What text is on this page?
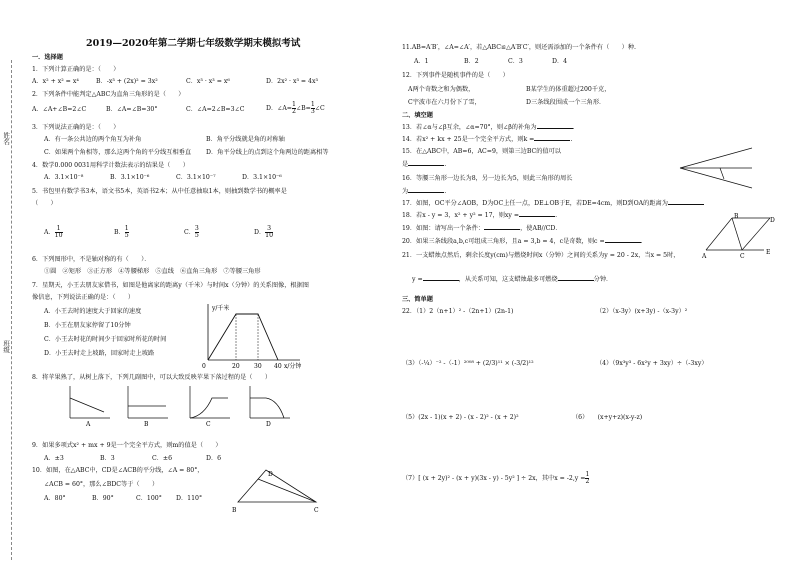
姓名
班级
2019—2020年第二学期七年级数学期末模拟考试
一．选择题
1．下列计算正确的是：（　　）
A．x² + x² = x⁴	B．-x³ + (2x)² = 3x²	C．x³ · x³ = x⁶	D．2x² · x³ = 4x³
2．下列条件中能判定△ABC为直角三角形的是（　　）
A．∠A+∠B=2∠C	B．∠A=∠B=30°	C．∠A=2∠B=3∠C	D．∠A= $\frac{1}{2}$ ∠B= $\frac{1}{3}$ ∠C
3．下列说法正确的是：（　　）
A．有一条公共边的两个角互为补角	B．角平分线就是角的对称轴
C．如果两个角相等，那么这两个角的平分线互相垂直 D．角平分线上的点到这个角两边的距离相等
4．数学0.000 0031用科学计数法表示的结果是（　　）
A．3.1×10⁻⁸	B．3.1×10⁻⁶	C．3.1×10⁻⁷	D．3.1×10⁻⁶
5．书包里有数学书3本，语文书5本，英语书2本；从中任意抽取1本，则抽到数学书的概率是
（　　）
A． $\frac{1}{10}$	B． $\frac{1}{5}$	C． $\frac{3}{5}$	D． $\frac{3}{10}$
6．下列图形中，不是轴对称的有（　　）．
①圆　②矩形　③正方形　④等腰梯形　⑤直线　⑥直角三角形　⑦等腰三角形
7．星期天，小王去朋友家借书，如图是他离家的距离y（千米）与时间x（分钟）的关系图像，根据图
像信息，下列说法正确的是：（　　）
A．小王去时的速度大于回家的速度
B．小王在朋友家停留了10分钟
C．小王去时花的时间少于回家时所花的时间
D．小王去时走上坡路，回家时走上坡路
y/千米
x/分钟
0	20 30 40
8．将苹果熟了，从树上落下，下列几副图中，可以大致反映苹果下落过程的是（　　）
A	B	C	D
9．如果多项式x² + mx + 9是一个完全平方式，则m的值是（　　）
A．±3	B．3	C．±6	D．6
10．如图，在△ABC中，CD是∠ACB的平分线，∠A = 80°，
∠ACB = 60°，那么∠BDC等于（　　）
A．80°	B．90°	C．100° D．110°
B	C
D
11.AB=A′B′，∠A=∠A′，若△ABC≌△A′B′C′，则还需添加的一个条件有（　　）种.
A．1	B．2	C．3	D．4
12．下列事件是随机事件的是（　　）
A两个奇数之和为偶数，	B某学生的体重超过200千克，
C宇波市在六月份下了雪，	D三条线段围成一个三角形．
二、填空题
13．若∠α与∠β互余，∠α=70°，则∠β的补角为	.
14．若x² + kx + 25是一个完全平方式，则k =	.
15．在△ABC中，AB=6，AC=9，则第三边BC的值可以
是	.
16．等腰三角形一边长为8，另一边长为5，则此三角形的周长
为	.
17．如图，OC平分∠AOB，D为OC上任一点，DE⊥OB于E，若DE=4cm，则D到OA的距离为
18．若x - y = 3，x² + y² = 17，则xy =	.
19．如图：请写出一个条件：	，使AB//CD．
20．如果三条线段a,b,c可组成三角形，且a = 3,b = 4，c是奇数，则c =	.
21．一支蜡烛点然后，剩余长度y(cm)与燃烧时间x（分钟）之间的关系为y = 20 - 2x，当x = 5时，
y =	，从关系可知，这支蜡烛最多可燃烧	分钟．
A
B
C
D
E
三、简单题
22．（1）2（n+1）² -（2n+1）(2n-1)	（2）（x-3y）(x+3y) -（x-3y）²
（3）（-¼）⁻² -（-1）²⁰⁰⁸ + (2/3)¹¹ × (-3/2)¹²	（4）（9x³y³ - 6x²y + 3xy）÷（-3xy）
（5）(2x - 1)(x + 2) - (x - 2)² - (x + 2)²	（6）　　(x+y+z)(x-y-z)
（7）[ (x + 2y)² - (x + y)(3x - y) - 5y² ] ÷ 2x，其中$x = -2,y = \frac{1}{2}$
